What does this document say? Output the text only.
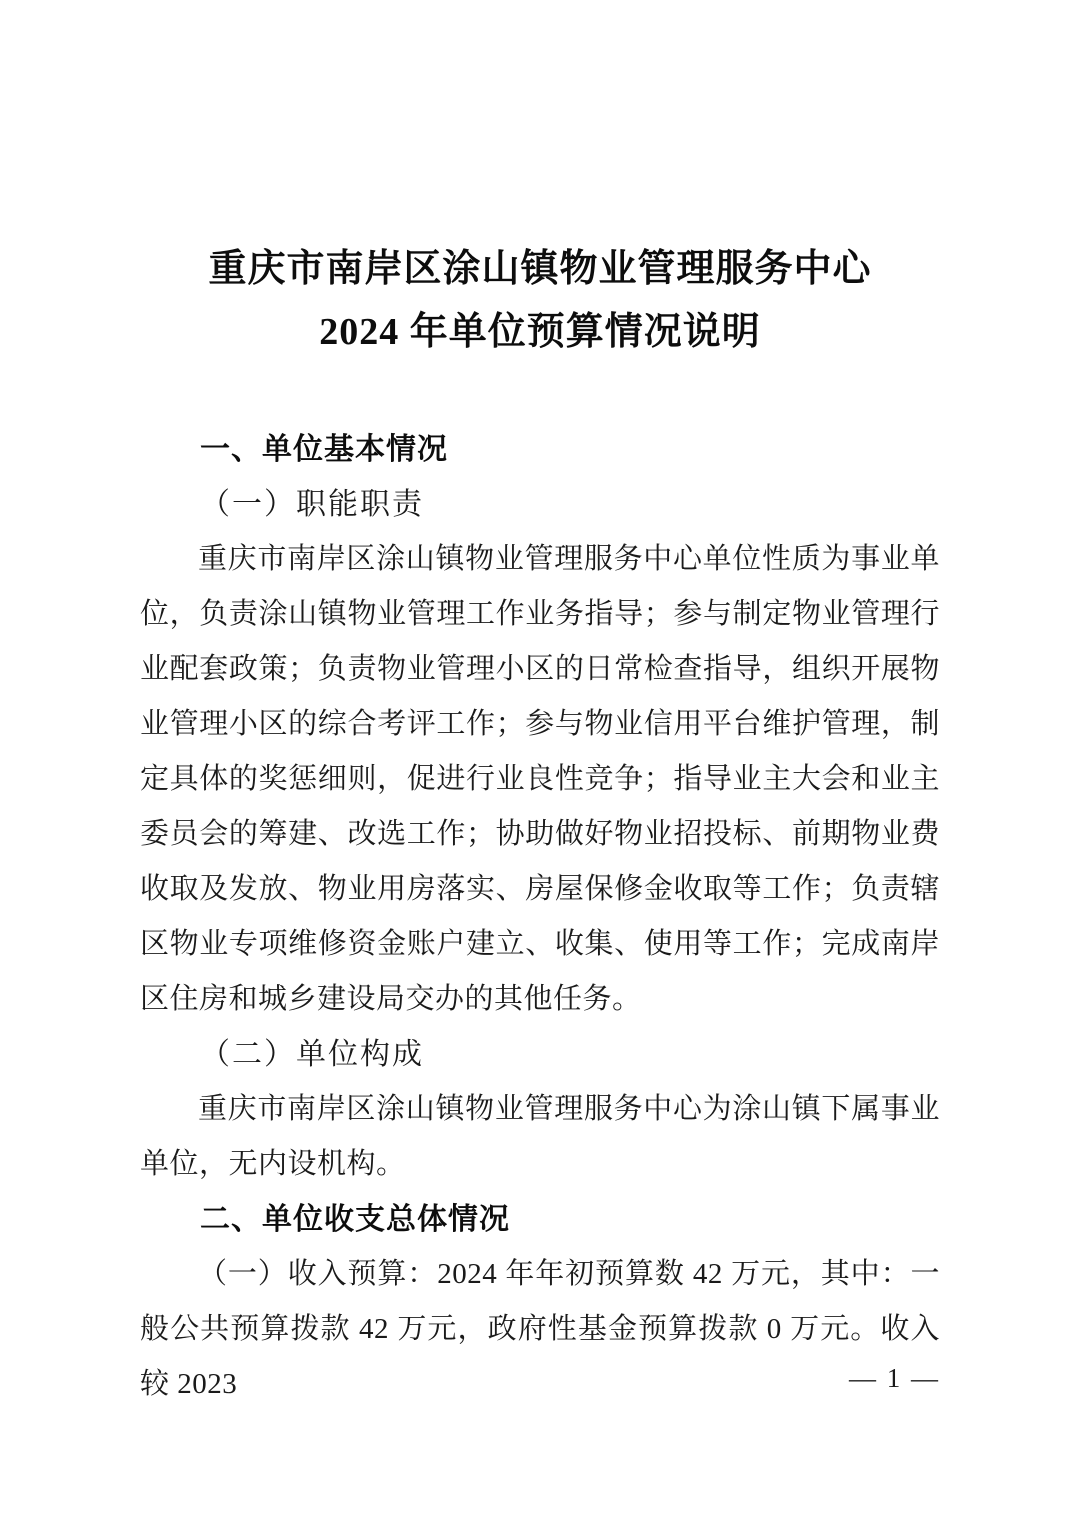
重庆市南岸区涂山镇物业管理服务中心
2024 年单位预算情况说明
一、单位基本情况
（一）职能职责

重庆市南岸区涂山镇物业管理服务中心单位性质为事业单位，负责涂山镇物业管理工作业务指导；参与制定物业管理行业配套政策；负责物业管理小区的日常检查指导，组织开展物业管理小区的综合考评工作；参与物业信用平台维护管理，制定具体的奖惩细则，促进行业良性竞争；指导业主大会和业主委员会的筹建、改选工作；协助做好物业招投标、前期物业费收取及发放、物业用房落实、房屋保修金收取等工作；负责辖区物业专项维修资金账户建立、收集、使用等工作；完成南岸区住房和城乡建设局交办的其他任务。

（二）单位构成

重庆市南岸区涂山镇物业管理服务中心为涂山镇下属事业单位，无内设机构。

二、单位收支总体情况

（一）收入预算：2024 年年初预算数 42 万元，其中：一般公共预算拨款 42 万元，政府性基金预算拨款 0 万元。收入较 2023	— 1 —
